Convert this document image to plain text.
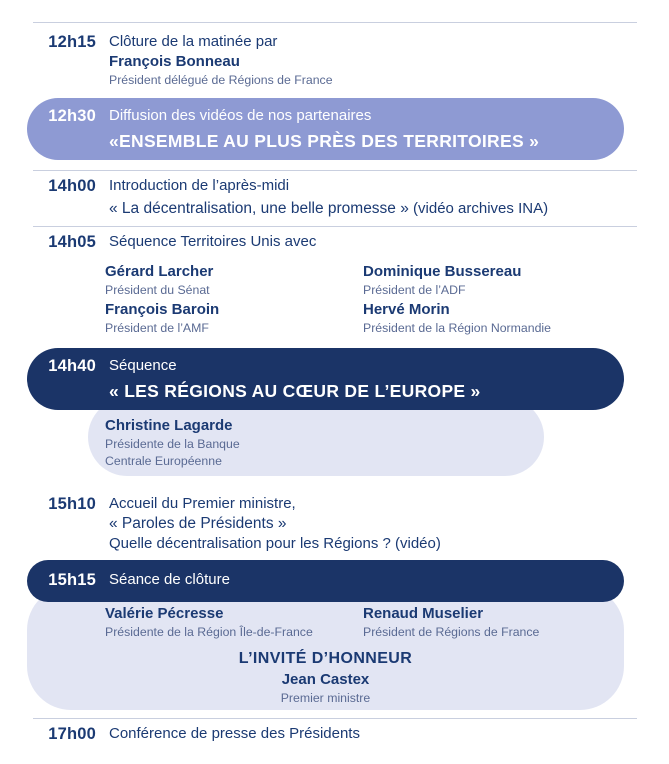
12h15 Clôture de la matinée par
François Bonneau
Président délégué de Régions de France
12h30 Diffusion des vidéos de nos partenaires
«ENSEMBLE AU PLUS PRÈS DES TERRITOIRES »
14h00 Introduction de l’après-midi
« La décentralisation, une belle promesse » (vidéo archives INA)
14h05 Séquence Territoires Unis avec
Gérard Larcher
Président du Sénat
Dominique Bussereau
Président de l’ADF
François Baroin
Président de l’AMF
Hervé Morin
Président de la Région Normandie
14h40 Séquence
« LES RÉGIONS AU CŒUR DE L’EUROPE »
Christine Lagarde
Présidente de la Banque
Centrale Européenne
15h10 Accueil du Premier ministre,
« Paroles de Présidents »
Quelle décentralisation pour les Régions ? (vidéo)
15h15 Séance de clôture
Valérie Pécresse
Présidente de la Région Île-de-France
Renaud Muselier
Président de Régions de France
L’INVITÉ D’HONNEUR
Jean Castex
Premier ministre
17h00 Conférence de presse des Présidents
